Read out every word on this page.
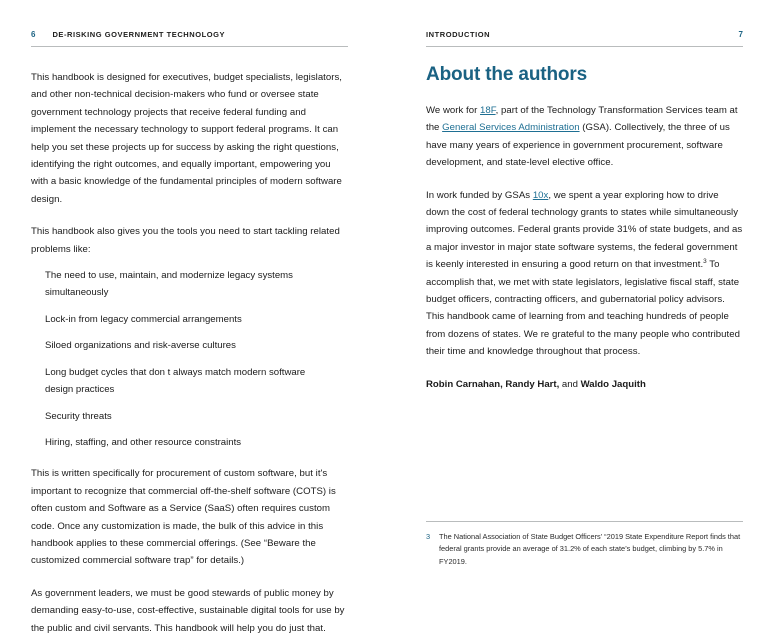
6 DE-RISKING GOVERNMENT TECHNOLOGY

This handbook is designed for executives, budget specialists, legislators, and other non-technical decision-makers who fund or oversee state government technology projects that receive federal funding and implement the necessary technology to support federal programs. It can help you set these projects up for success by asking the right questions, identifying the right outcomes, and equally important, empowering you with a basic knowledge of the fundamental principles of modern software design.

This handbook also gives you the tools you need to start tackling related problems like:

The need to use, maintain, and modernize legacy systems simultaneously
Lock-in from legacy commercial arrangements
Siloed organizations and risk-averse cultures
Long budget cycles that don t always match modern software design practices
Security threats
Hiring, staffing, and other resource constraints

This is written specifically for procurement of custom software, but it's important to recognize that commercial off-the-shelf software (COTS) is often custom and Software as a Service (SaaS) often requires custom code. Once any customization is made, the bulk of this advice in this handbook applies to these commercial offerings. (See “Beware the customized commercial software trap” for details.)

As government leaders, we must be good stewards of public money by demanding easy-to-use, cost-effective, sustainable digital tools for use by the public and civil servants. This handbook will help you do just that.

INTRODUCTION	7
About the authors

We work for 18F, part of the Technology Transformation Services team at the General Services Administration (GSA). Collectively, the three of us have many years of experience in government procurement, software development, and state-level elective office.

In work funded by GSAs 10x, we spent a year exploring how to drive down the cost of federal technology grants to states while simultaneously improving outcomes. Federal grants provide 31% of state budgets, and as a major investor in major state software systems, the federal government is keenly interested in ensuring a good return on that investment.$^3$ To accomplish that, we met with state legislators, legislative fiscal staff, state budget officers, contracting officers, and gubernatorial policy advisors. This handbook came of learning from and teaching hundreds of people from dozens of states. We re grateful to the many people who contributed their time and knowledge throughout that process.

Robin Carnahan, Randy Hart, and Waldo Jaquith

3	The National Association of State Budget Officers’ “2019 State Expenditure Report finds that federal grants provide an average of 31.2% of each state’s budget, climbing by 5.7% in FY2019.
